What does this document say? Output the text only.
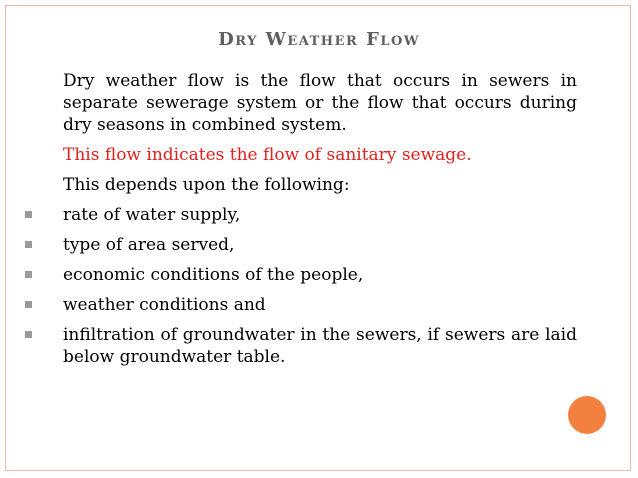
Dry Weather Flow

Dry weather flow is the flow that occurs in sewers in separate sewerage system or the flow that occurs during dry seasons in combined system.

This flow indicates the flow of sanitary sewage.

This depends upon the following:

rate of water supply,
type of area served,
economic conditions of the people,
weather conditions and
infiltration of groundwater in the sewers, if sewers are laid below groundwater table.
